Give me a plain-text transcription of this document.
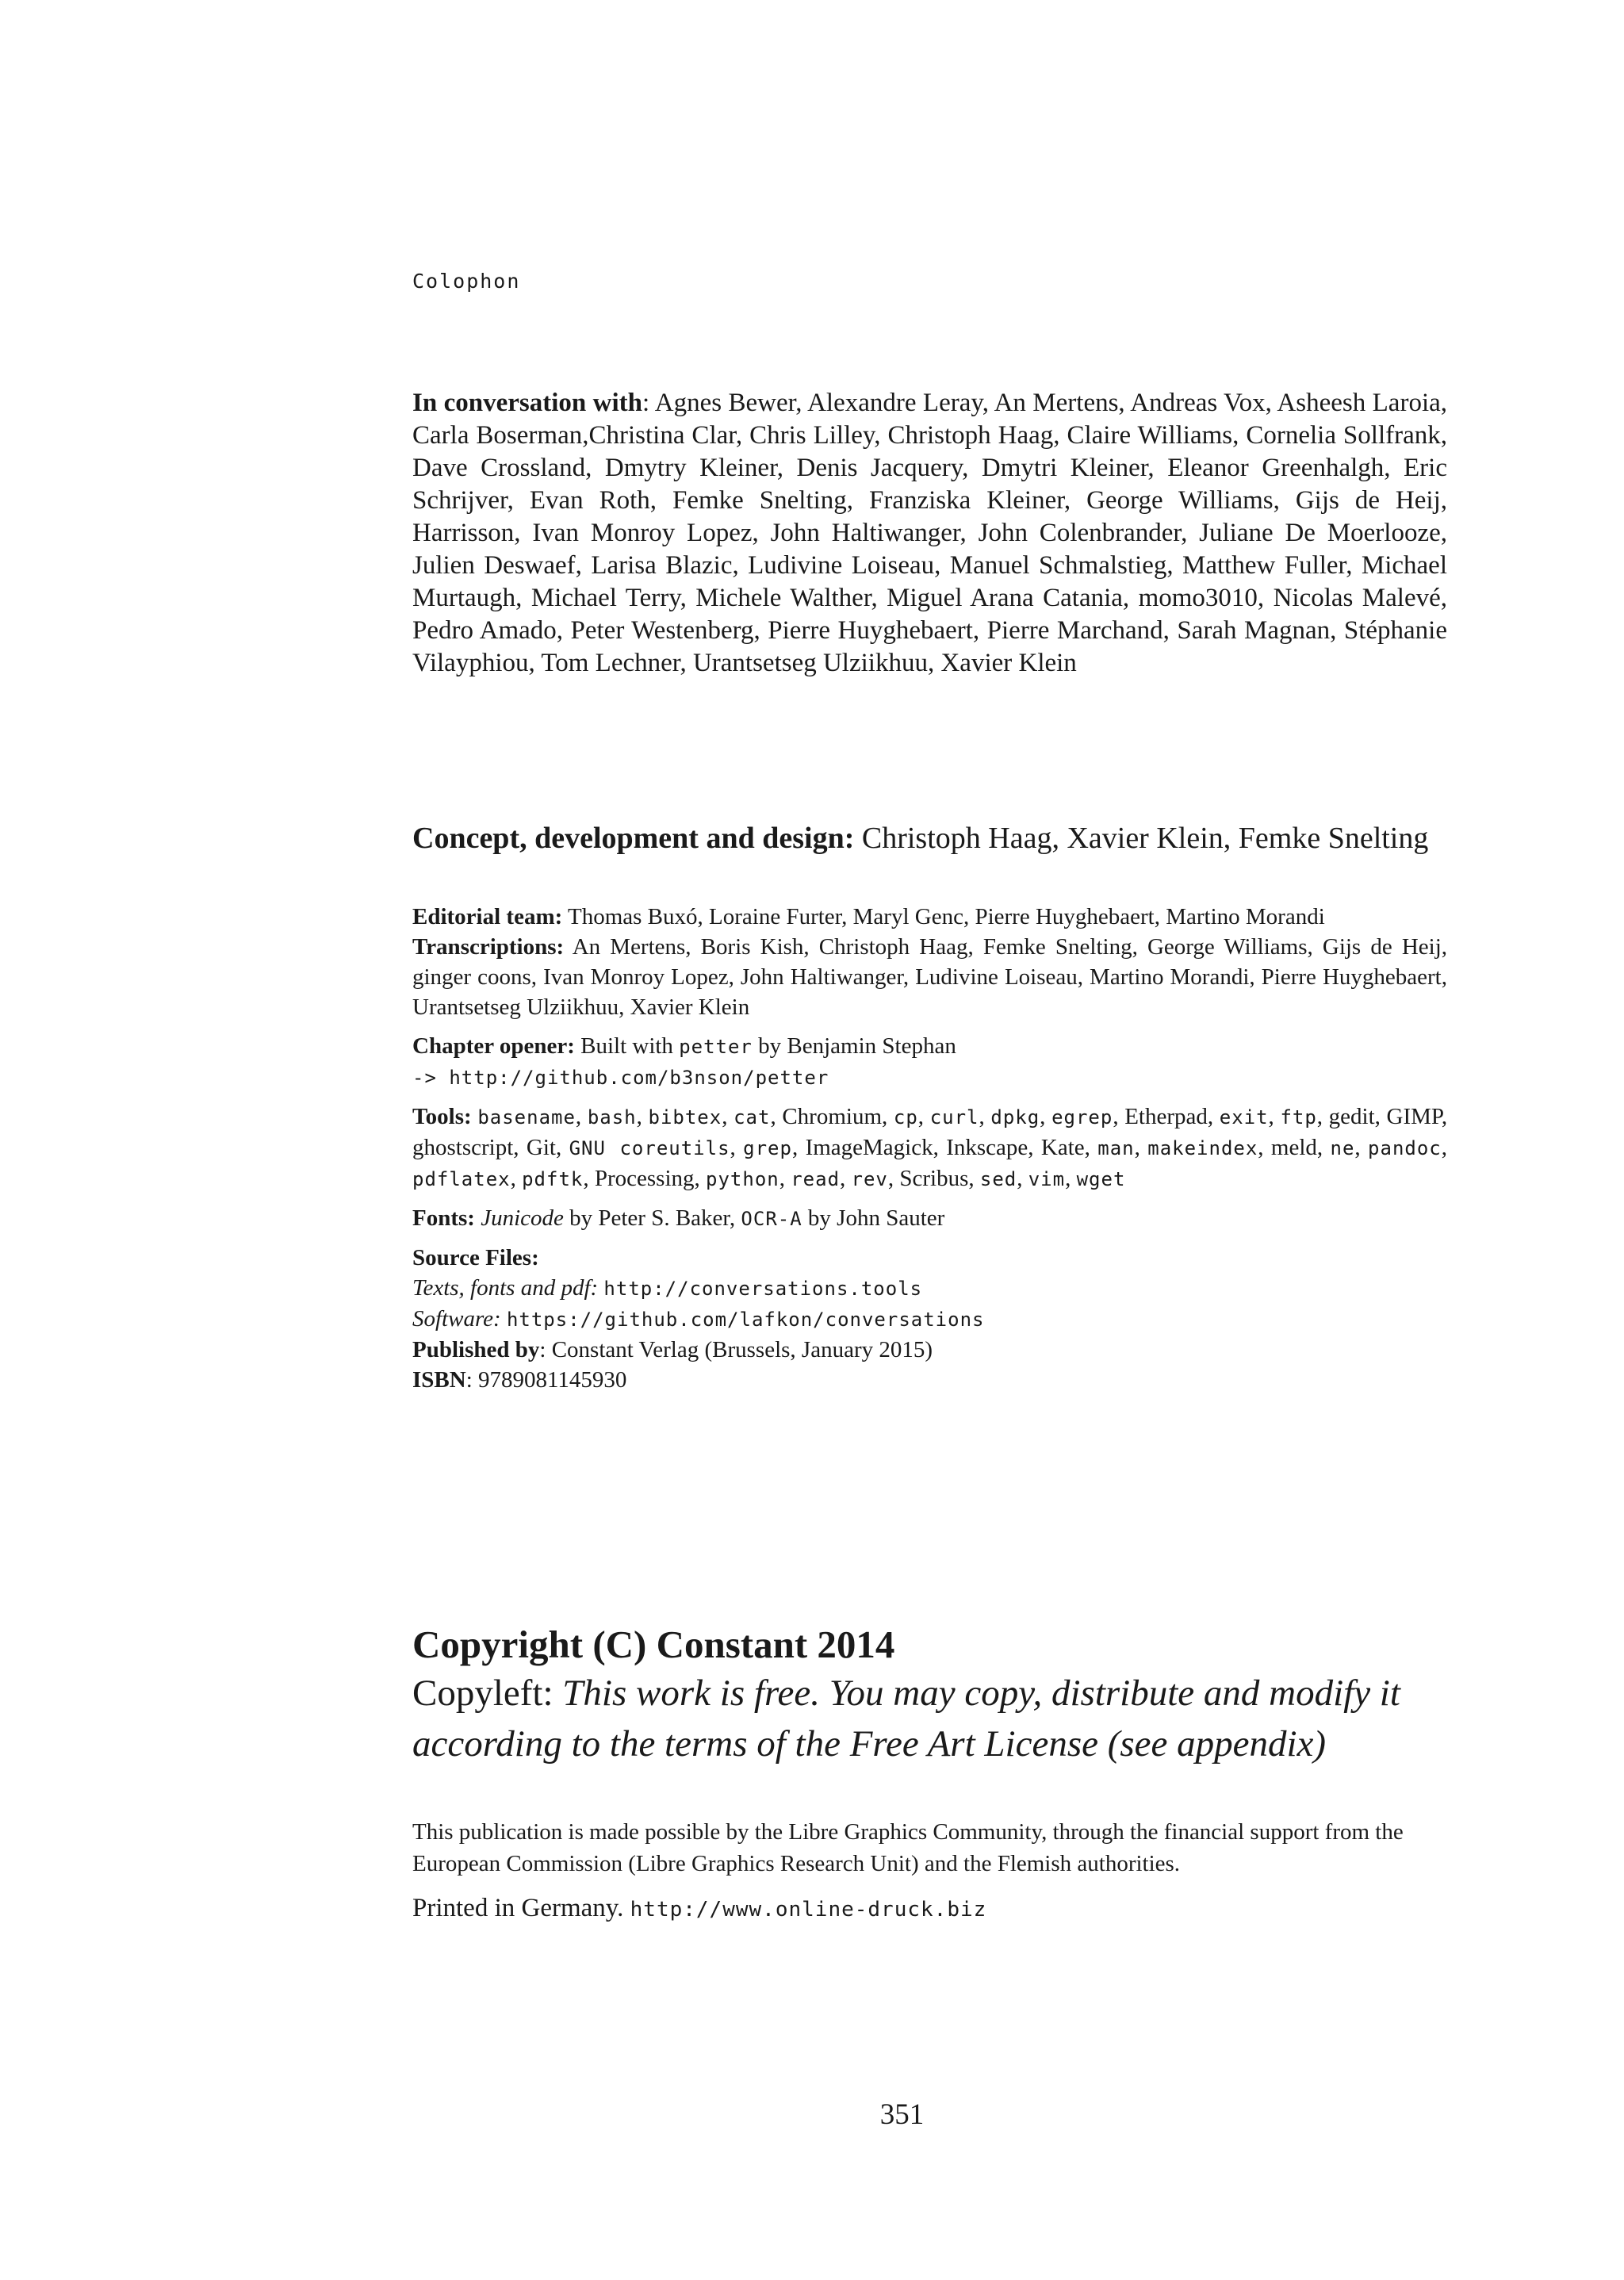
Colophon
In conversation with: Agnes Bewer, Alexandre Leray, An Mertens, Andreas Vox, Asheesh Laroia, Carla Boserman,Christina Clar, Chris Lilley, Christoph Haag, Claire Williams, Cornelia Sollfrank, Dave Crossland, Dmytry Kleiner, Denis Jacquery, Dmytri Kleiner, Eleanor Greenhalgh, Eric Schrijver, Evan Roth, Femke Snelting, Franziska Kleiner, George Williams, Gijs de Heij, Harrisson, Ivan Monroy Lopez, John Haltiwanger, John Colenbrander, Juliane De Moerlooze, Julien Deswaef, Larisa Blazic, Ludivine Loiseau, Manuel Schmalstieg, Matthew Fuller, Michael Murtaugh, Michael Terry, Michele Walther, Miguel Arana Catania, momo3010, Nicolas Malevé, Pedro Amado, Peter Westenberg, Pierre Huyghebaert, Pierre Marchand, Sarah Magnan, Stéphanie Vilayphiou, Tom Lechner, Urantsetseg Ulziikhuu, Xavier Klein
Concept, development and design: Christoph Haag, Xavier Klein, Femke Snelting

Editorial team: Thomas Buxó, Loraine Furter, Maryl Genc, Pierre Huyghebaert, Martino Morandi

Transcriptions: An Mertens, Boris Kish, Christoph Haag, Femke Snelting, George Williams, Gijs de Heij, ginger coons, Ivan Monroy Lopez, John Haltiwanger, Ludivine Loiseau, Martino Morandi, Pierre Huyghebaert, Urantsetseg Ulziikhuu, Xavier Klein

Chapter opener: Built with petter by Benjamin Stephan
-> http://github.com/b3nson/petter

Tools: basename, bash, bibtex, cat, Chromium, cp, curl, dpkg, egrep, Etherpad, exit, ftp, gedit, GIMP, ghostscript, Git, GNU coreutils, grep, ImageMagick, Inkscape, Kate, man, makeindex, meld, ne, pandoc, pdflatex, pdftk, Processing, python, read, rev, Scribus, sed, vim, wget

Fonts: Junicode by Peter S. Baker, OCR-A by John Sauter

Source Files:
Texts, fonts and pdf: http://conversations.tools
Software: https://github.com/lafkon/conversations
Published by: Constant Verlag (Brussels, January 2015)
ISBN: 9789081145930

Copyright (C) Constant 2014
Copyleft: This work is free. You may copy, distribute and modify it according to the terms of the Free Art License (see appendix)

This publication is made possible by the Libre Graphics Community, through the financial support from the European Commission (Libre Graphics Research Unit) and the Flemish authorities.

Printed in Germany. http://www.online-druck.biz
351
